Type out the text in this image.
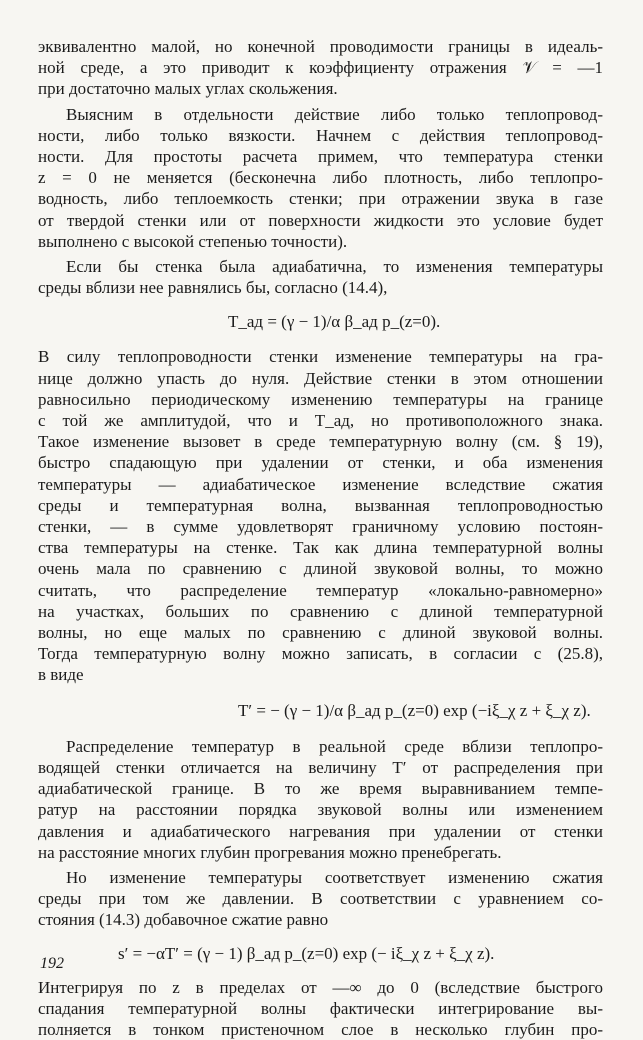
эквивалентно малой, но конечной проводимости границы в идеаль-
ной среде, а это приводит к коэффициенту отражения 𝒱 = —1
при достаточно малых углах скольжения.
Выясним в отдельности действие либо только теплопровод-
ности, либо только вязкости. Начнем с действия теплопровод-
ности. Для простоты расчета примем, что температура стенки
z = 0 не меняется (бесконечна либо плотность, либо теплопро-
водность, либо теплоемкость стенки; при отражении звука в газе
от твердой стенки или от поверхности жидкости это условие будет
выполнено с высокой степенью точности).
Если бы стенка была адиабатична, то изменения температуры
среды вблизи нее равнялись бы, согласно (14.4),
T_ад = (γ − 1)/α β_ад p_(z=0).
В силу теплопроводности стенки изменение температуры на гра-
нице должно упасть до нуля. Действие стенки в этом отношении
равносильно периодическому изменению температуры на границе
с той же амплитудой, что и T_ад, но противоположного знака.
Такое изменение вызовет в среде температурную волну (см. § 19),
быстро спадающую при удалении от стенки, и оба изменения
температуры — адиабатическое изменение вследствие сжатия
среды и температурная волна, вызванная теплопроводностью
стенки, — в сумме удовлетворят граничному условию постоян-
ства температуры на стенке. Так как длина температурной волны
очень мала по сравнению с длиной звуковой волны, то можно
считать, что распределение температур «локально-равномерно»
на участках, больших по сравнению с длиной температурной
волны, но еще малых по сравнению с длиной звуковой волны.
Тогда температурную волну можно записать, в согласии с (25.8),
в виде
T′ = − (γ − 1)/α β_ад p_(z=0) exp (−iξ_χ z + ξ_χ z).
Распределение температур в реальной среде вблизи теплопро-
водящей стенки отличается на величину T′ от распределения при
адиабатической границе. В то же время выравниванием темпе-
ратур на расстоянии порядка звуковой волны или изменением
давления и адиабатического нагревания при удалении от стенки
на расстояние многих глубин прогревания можно пренебрегать.
Но изменение температуры соответствует изменению сжатия
среды при том же давлении. В соответствии с уравнением со-
стояния (14.3) добавочное сжатие равно
s′ = −αT′ = (γ − 1) β_ад p_(z=0) exp (− iξ_χ z + ξ_χ z).
Интегрируя по z в пределах от —∞ до 0 (вследствие быстрого
спадания температурной волны фактически интегрирование вы-
полняется в тонком пристеночном слое в несколько глубин про-
192
